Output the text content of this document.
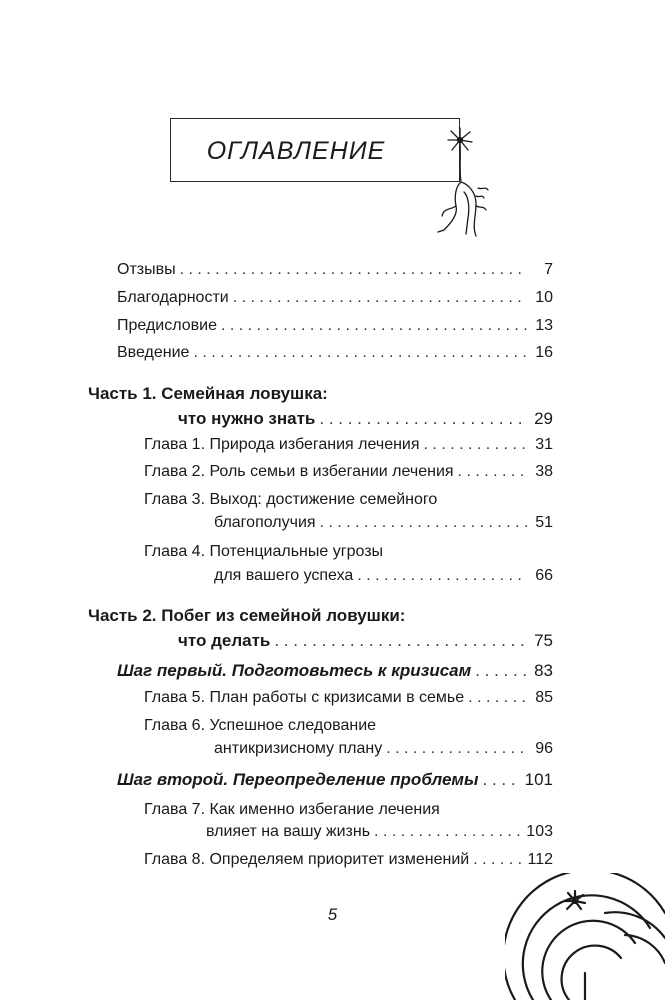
ОГЛАВЛЕНИЕ
Отзывы . . .	7
Благодарности . . .	10
Предисловие . . .	13
Введение . . .	16
Часть 1. Семейная ловушка:
что нужно знать . . .	29
Глава 1. Природа избегания лечения . . .	31
Глава 2. Роль семьи в избегании лечения . . .	38
Глава 3. Выход: достижение семейного
благополучия . . .	51
Глава 4. Потенциальные угрозы
для вашего успеха . . .	66
Часть 2. Побег из семейной ловушки:
что делать . . .	75
Шаг первый. Подготовьтесь к кризисам . . .	83
Глава 5. План работы с кризисами в семье . . .	85
Глава 6. Успешное следование
антикризисному плану . . .	96
Шаг второй. Переопределение проблемы . . .	101
Глава 7. Как именно избегание лечения
влияет на вашу жизнь . . .	103
Глава 8. Определяем приоритет изменений . . .	112
5
